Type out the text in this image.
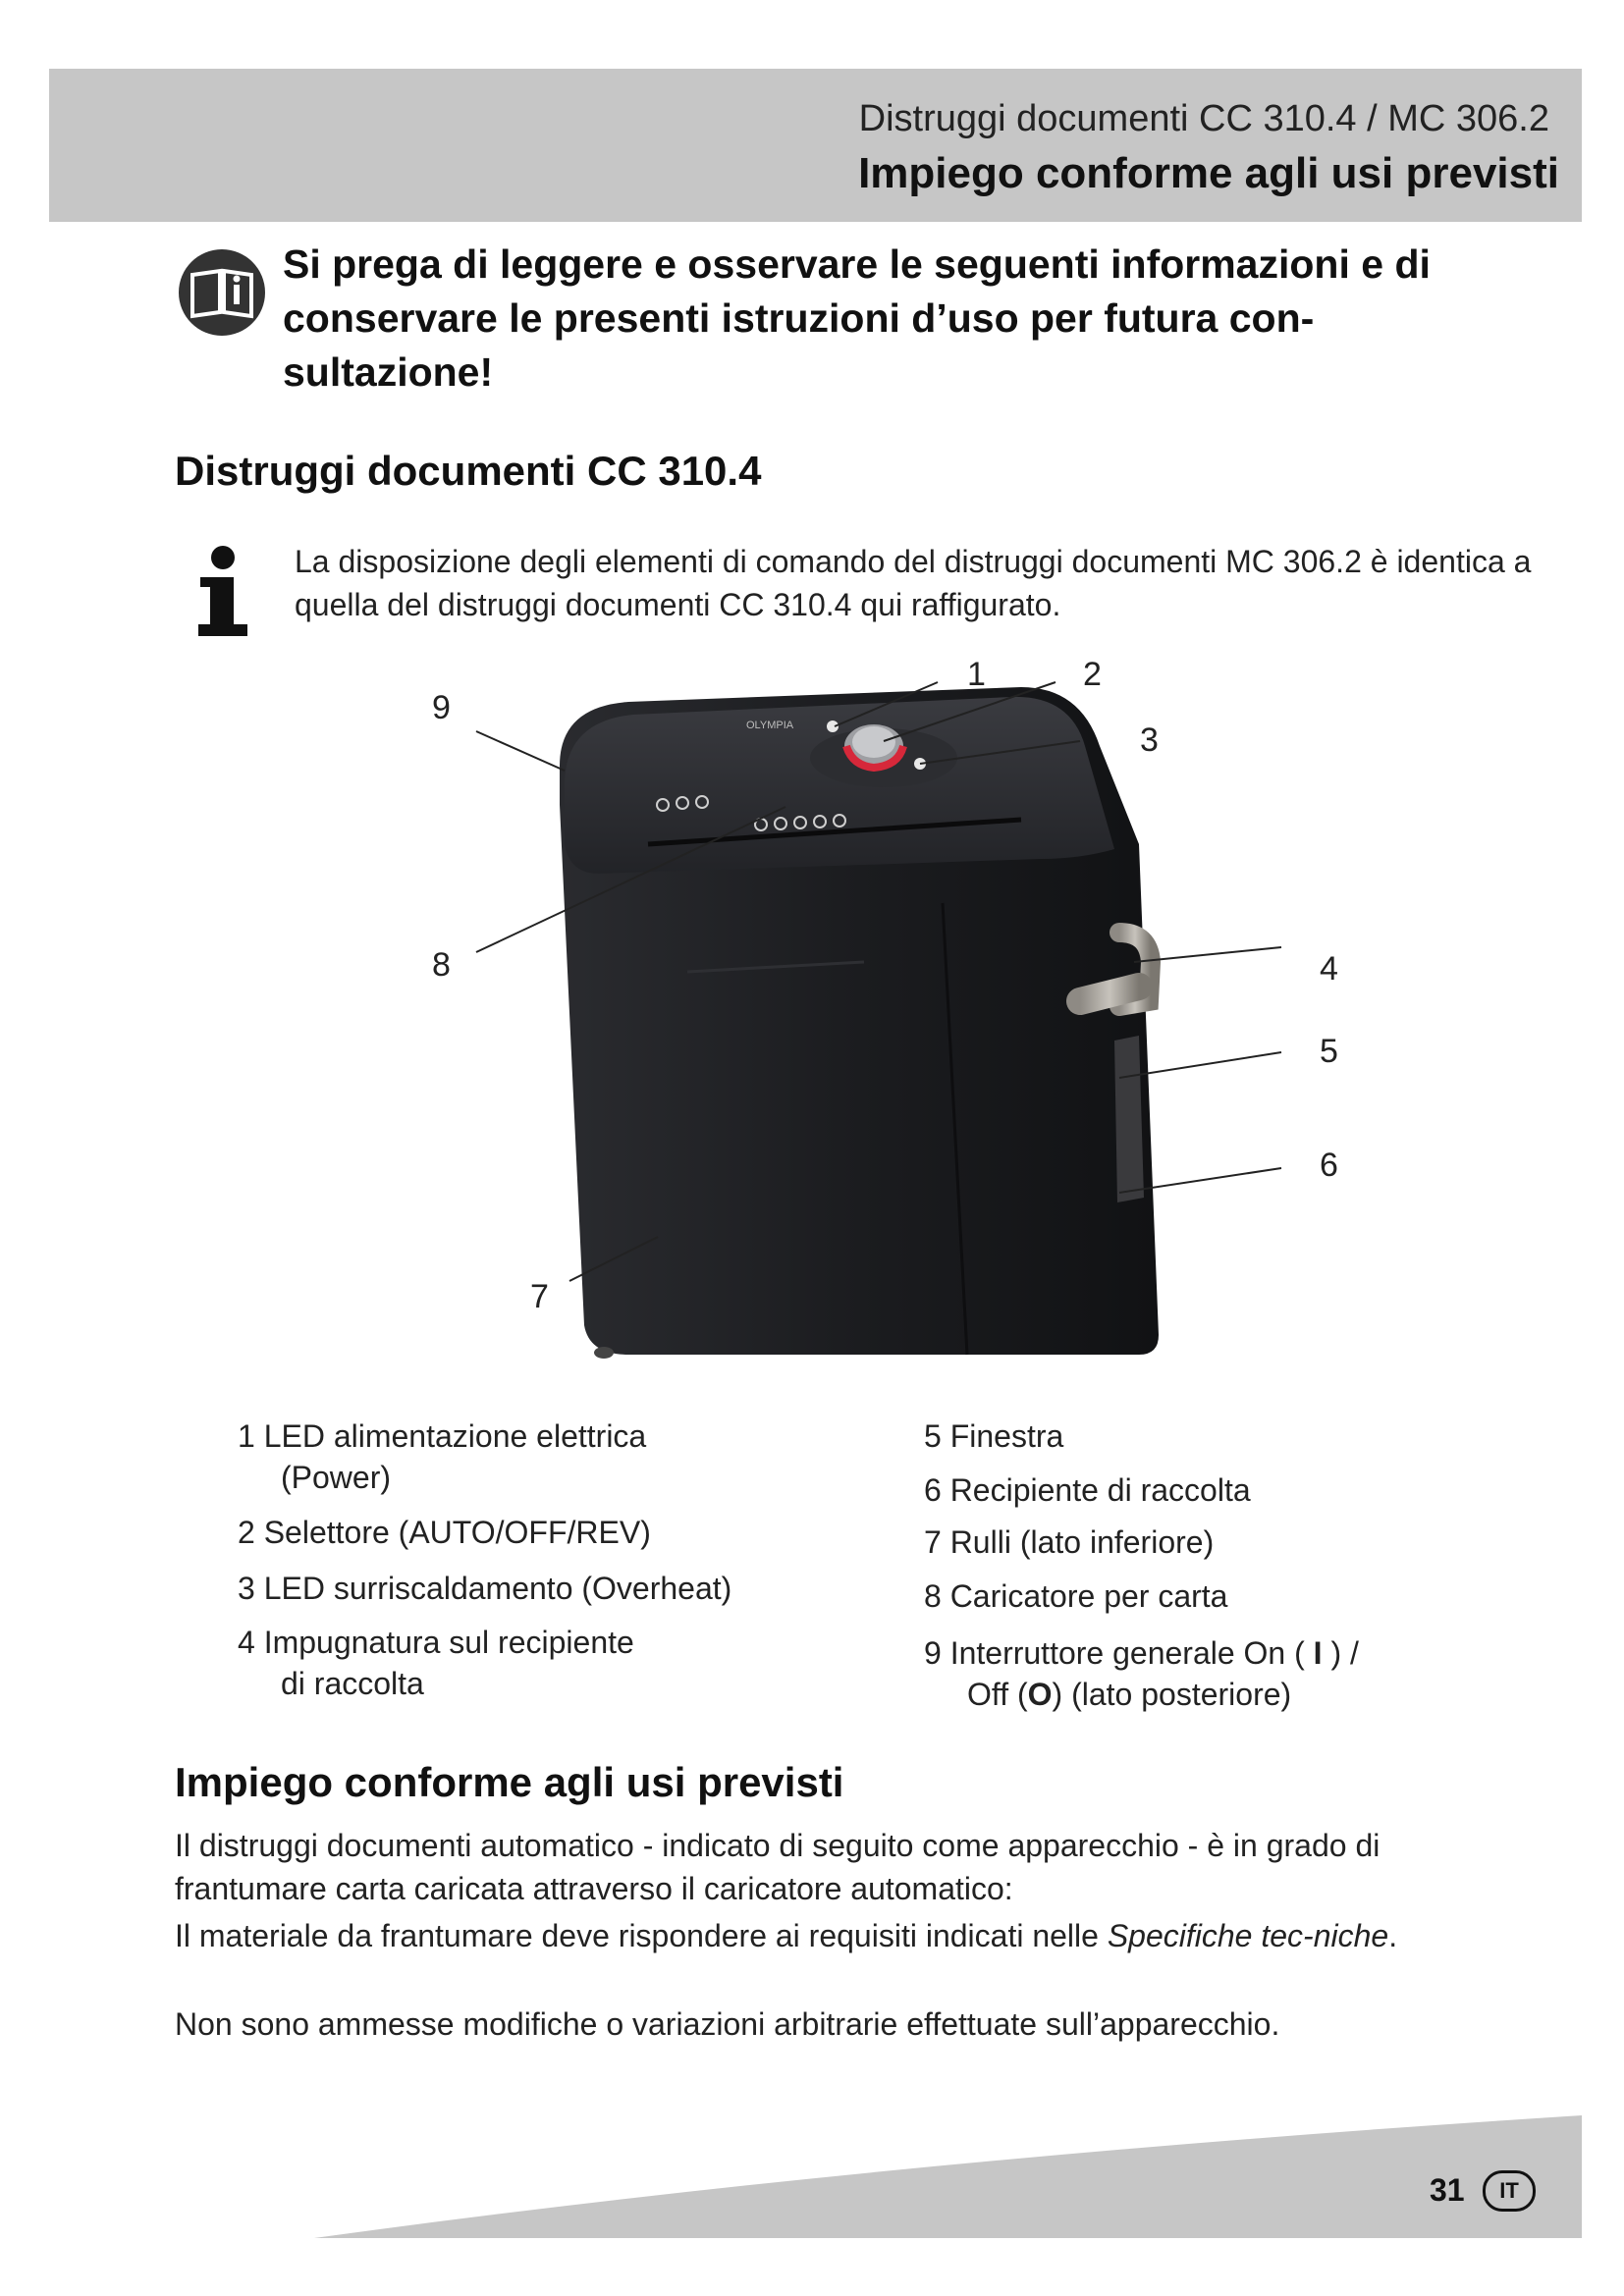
Distruggi documenti CC 310.4 / MC 306.2
Impiego conforme agli usi previsti
Si prega di leggere e osservare le seguenti informazioni e di conservare le presenti istruzioni d’uso per futura con-sultazione!
Distruggi documenti CC 310.4
La disposizione degli elementi di comando del distruggi documenti MC 306.2 è identica a quella del distruggi documenti CC 310.4 qui raffigurato.
OLYMPIA
1	2
3
4
5
6
7
8
9
1 LED alimentazione elettrica
(Power)
2 Selettore (AUTO/OFF/REV)
3 LED surriscaldamento (Overheat)
4 Impugnatura sul recipiente
di raccolta
5 Finestra
6 Recipiente di raccolta
7 Rulli (lato inferiore)
8 Caricatore per carta
9 Interruttore generale On ( I ) /
Off (O) (lato posteriore)
Impiego conforme agli usi previsti
Il distruggi documenti automatico - indicato di seguito come apparecchio - è in grado di frantumare carta caricata attraverso il caricatore automatico:
Il materiale da frantumare deve rispondere ai requisiti indicati nelle Specifiche tec-niche.
Non sono ammesse modifiche o variazioni arbitrarie effettuate sull’apparecchio.
31	IT
